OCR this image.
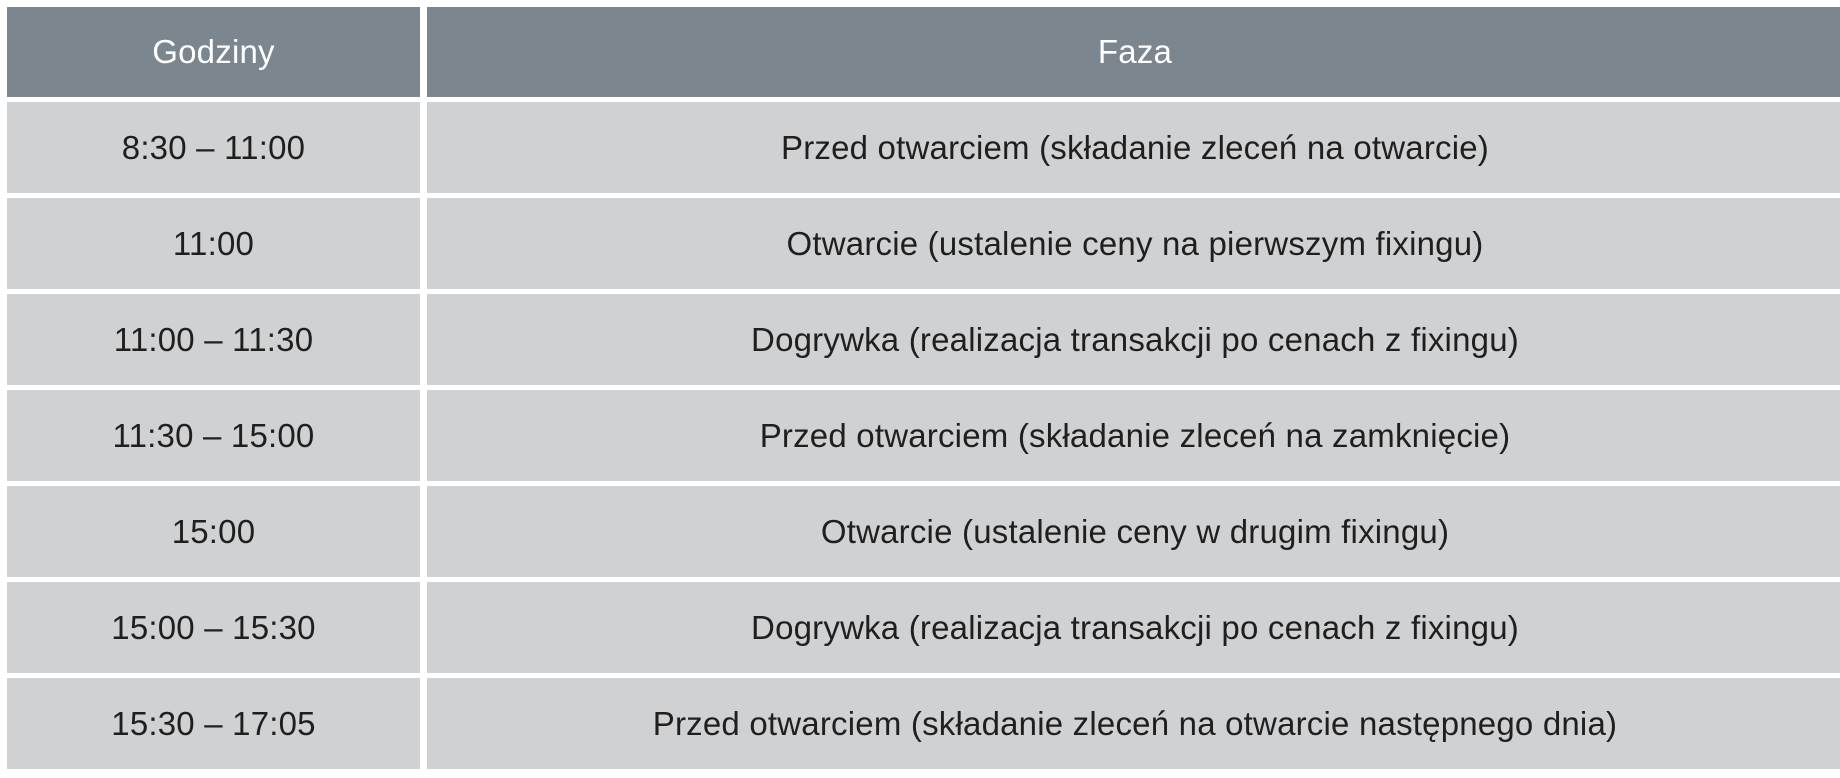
Godziny	Faza
8:30 – 11:00	Przed otwarciem (składanie zleceń na otwarcie)
11:00	Otwarcie (ustalenie ceny na pierwszym fixingu)
11:00 – 11:30	Dogrywka (realizacja transakcji po cenach z fixingu)
11:30 – 15:00	Przed otwarciem (składanie zleceń na zamknięcie)
15:00	Otwarcie (ustalenie ceny w drugim fixingu)
15:00 – 15:30	Dogrywka (realizacja transakcji po cenach z fixingu)
15:30 – 17:05	Przed otwarciem (składanie zleceń na otwarcie następnego dnia)
